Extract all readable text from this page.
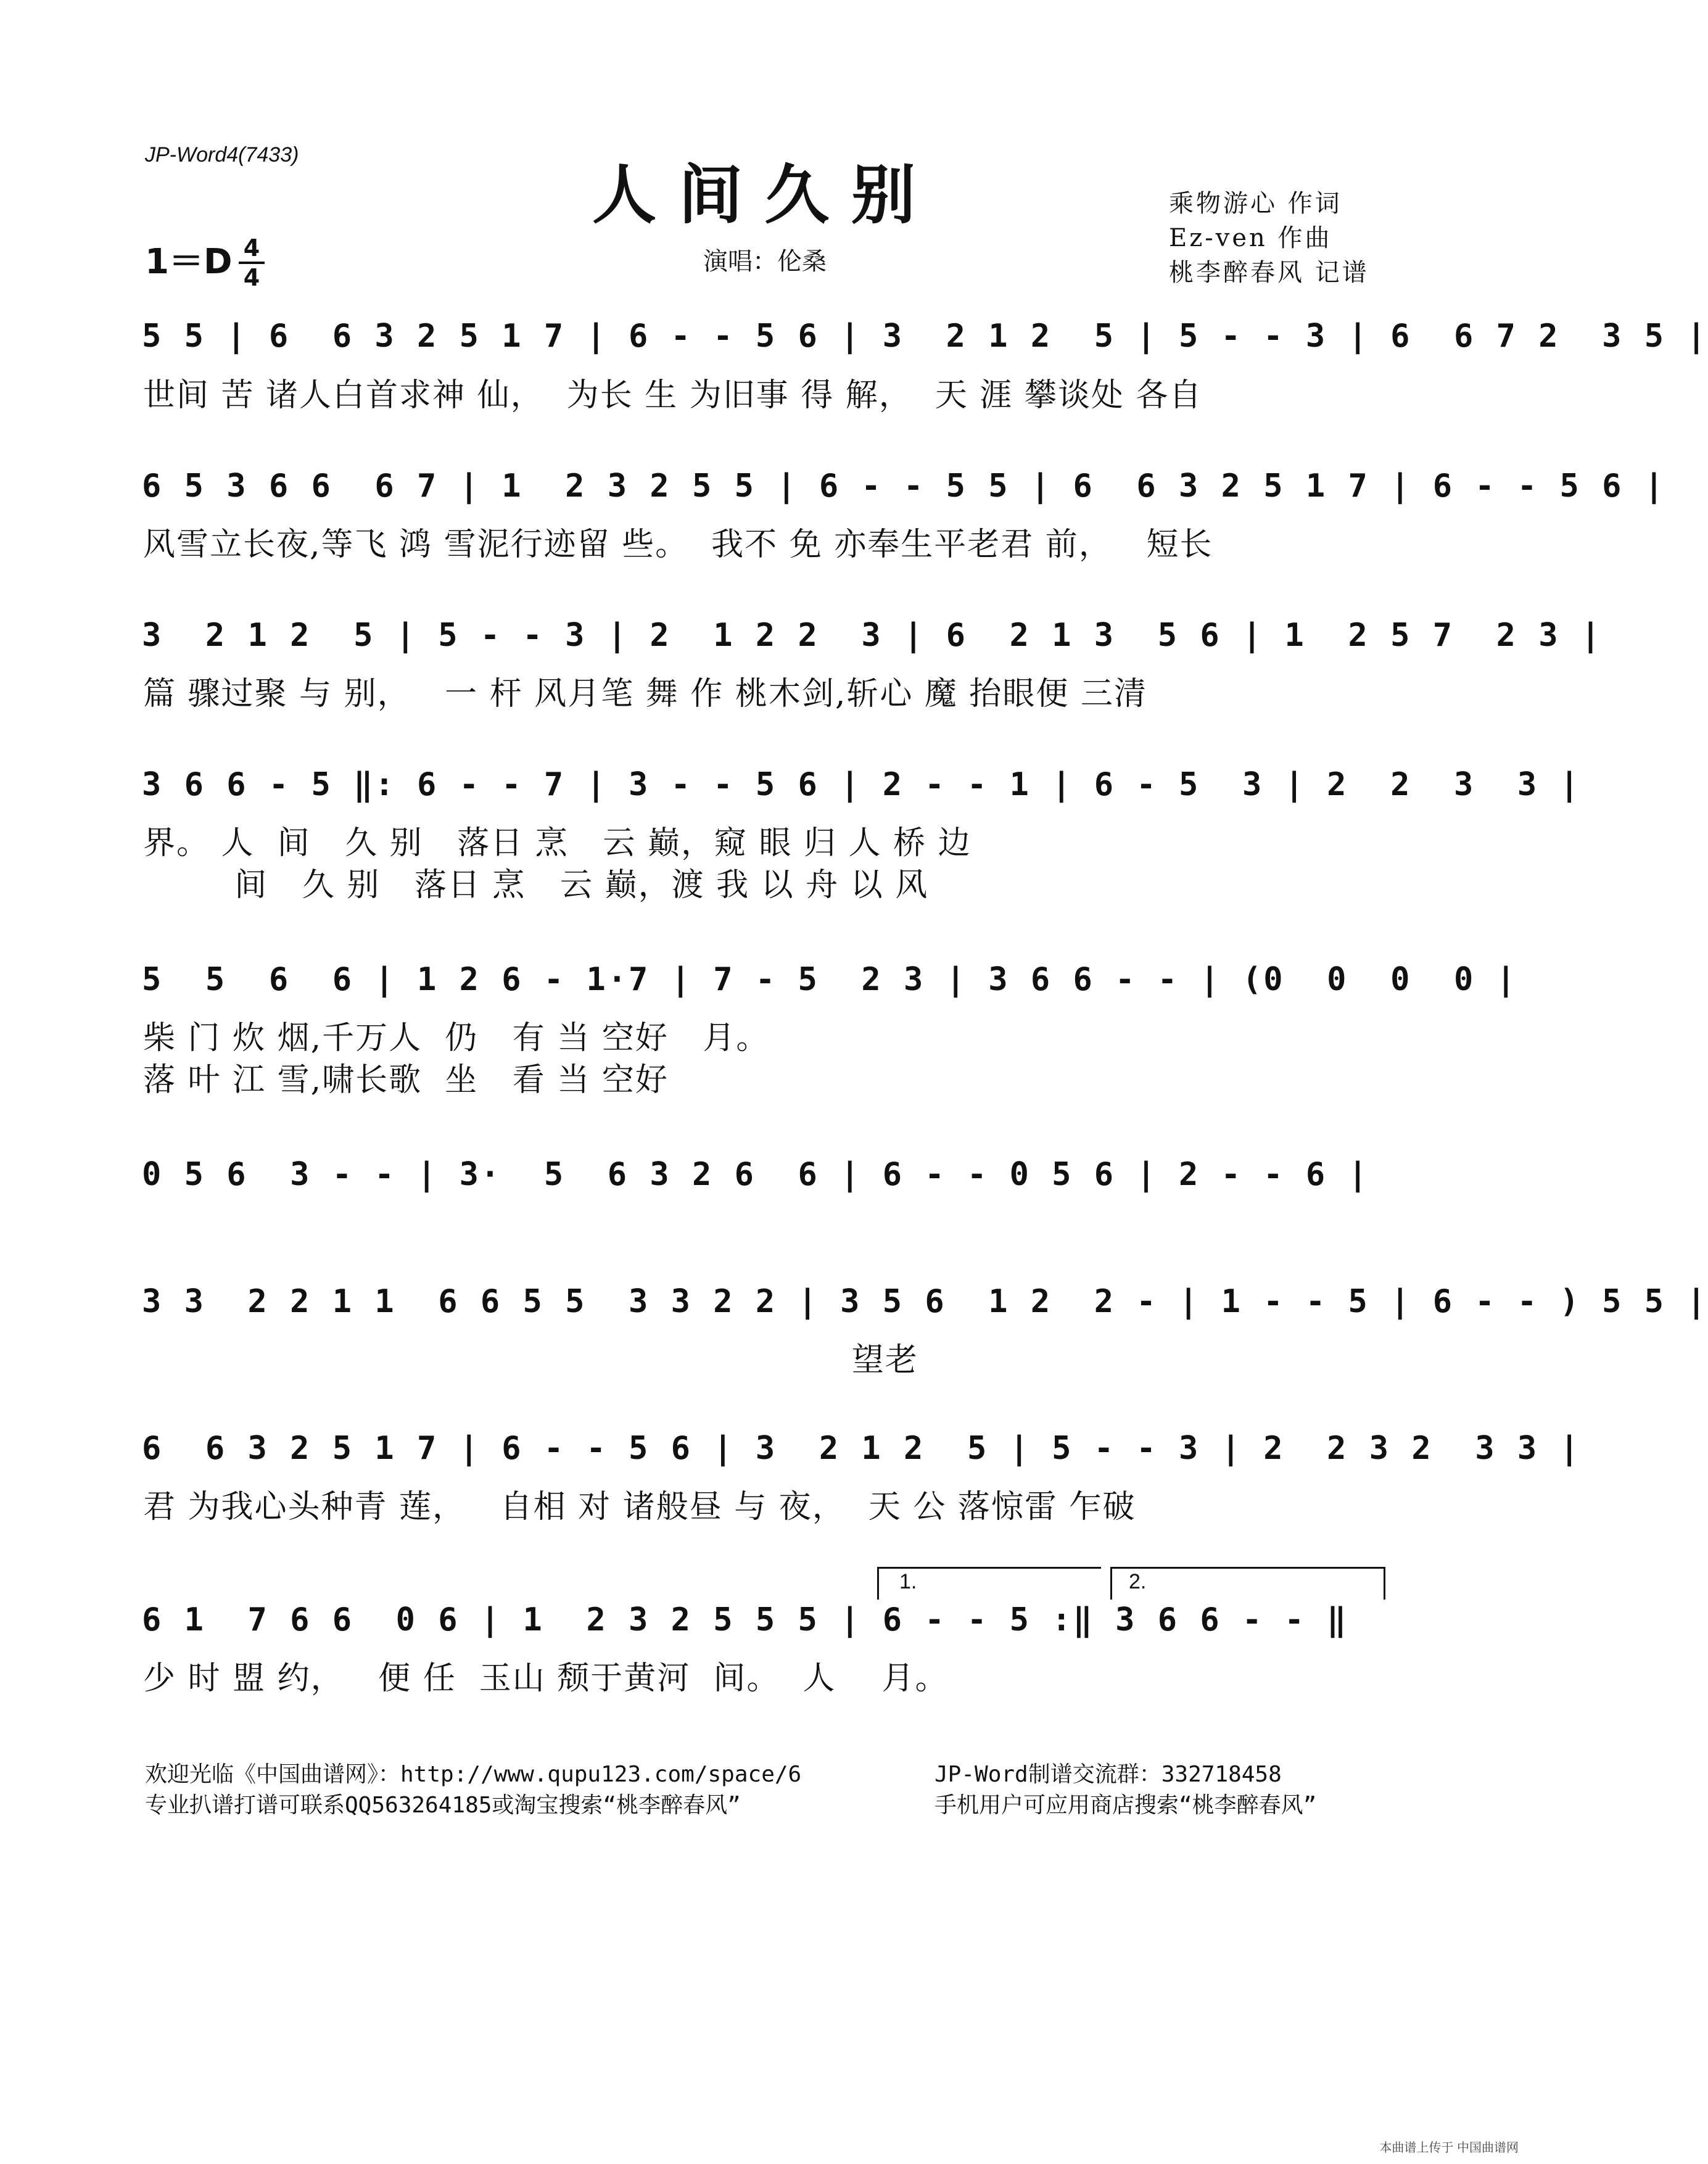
JP-Word4(7433)
人间久别
1＝D 4
4
演唱：伦桑
乘物游心 作词
Ez-ven 作曲
桃李醉春风 记谱
5 5 | 6  6 3 2 5 1 7 | 6 - - 5 6 | 3  2 1 2  5 | 5 - - 3 | 6  6 7 2  3 5 |
世间 苦 诸人白首求神 仙，  为长 生 为旧事 得 解，  天 涯 攀谈处 各自
6 5 3 6 6  6 7 | 1  2 3 2 5 5 | 6 - - 5 5 | 6  6 3 2 5 1 7 | 6 - - 5 6 |
风雪立长夜,等飞 鸿 雪泥行迹留 些。  我不 免 亦奉生平老君 前，   短长
3  2 1 2  5 | 5 - - 3 | 2  1 2 2  3 | 6  2 1 3  5 6 | 1  2 5 7  2 3 |
篇 骤过聚 与 别，   一 杆 风月笔 舞 作 桃木剑,斩心 魔 抬眼便 三清
3 6 6 - 5 ‖: 6 - - 7 | 3 - - 5 6 | 2 - - 1 | 6 - 5  3 | 2  2  3  3 |
界。 人  间   久 别   落日 烹   云 巅，窥 眼 归 人 桥 边
间   久 别   落日 烹   云 巅，渡 我 以 舟 以 风
5  5  6  6 | 1 2 6 - 1·7 | 7 - 5  2 3 | 3 6 6 - - | (0  0  0  0 |
柴 门 炊 烟,千万人  仍   有 当 空好   月。
落 叶 江 雪,啸长歌  坐   看 当 空好
0 5 6  3 - - | 3·  5  6 3 2 6  6 | 6 - - 0 5 6 | 2 - - 6 |
3 3  2 2 1 1  6 6 5 5  3 3 2 2 | 3 5 6  1 2  2 - | 1 - - 5 | 6 - - ) 5 5 |
望老
6  6 3 2 5 1 7 | 6 - - 5 6 | 3  2 1 2  5 | 5 - - 3 | 2  2 3 2  3 3 |
君 为我心头种青 莲，   自相 对 诸般昼 与 夜，  天 公 落惊雷 乍破
1.	2.
6 1  7 6 6  0 6 | 1  2 3 2 5 5 5 | 6 - - 5 :‖ 3 6 6 - - ‖
少 时 盟 约，   便 任  玉山 颓于黄河  间。  人    月。
欢迎光临《中国曲谱网》：http://www.qupu123.com/space/6
专业扒谱打谱可联系QQ563264185或淘宝搜索“桃李醉春风”
JP-Word制谱交流群：332718458
手机用户可应用商店搜索“桃李醉春风”
本曲谱上传于 中国曲谱网
